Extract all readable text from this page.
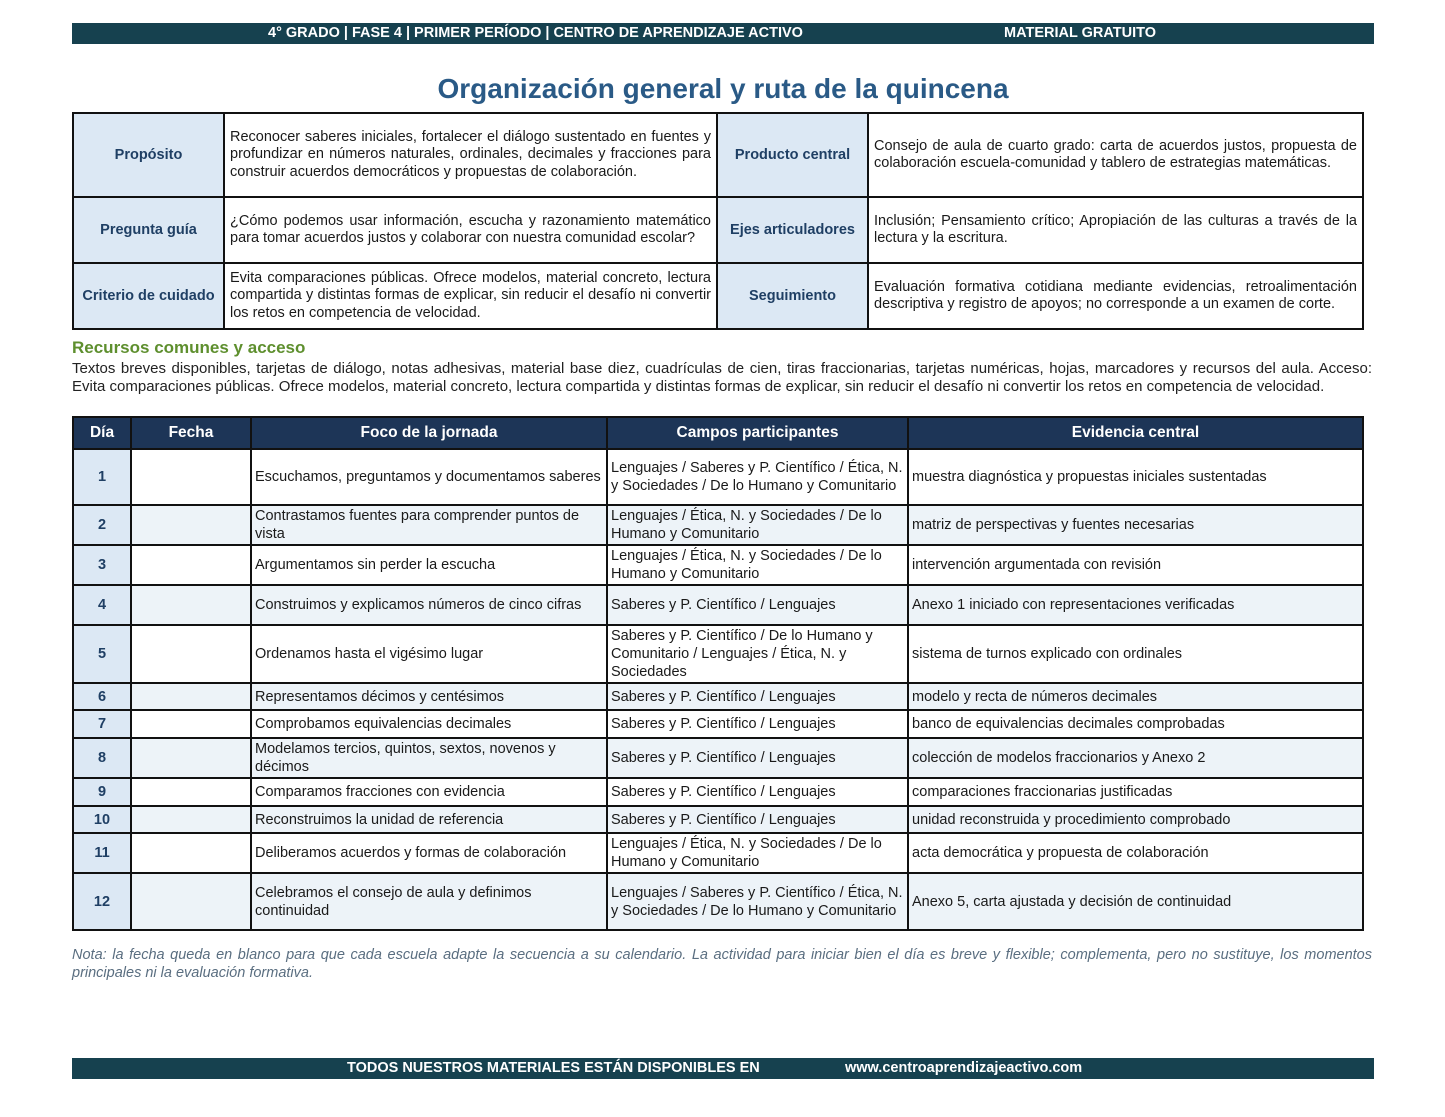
4° GRADO | FASE 4 | PRIMER PERÍODO | CENTRO DE APRENDIZAJE ACTIVO	MATERIAL GRATUITO
Organización general y ruta de la quincena
Propósito	Reconocer saberes iniciales, fortalecer el diálogo sustentado en fuentes y profundizar en números naturales, ordinales, decimales y fracciones para construir acuerdos democráticos y propuestas de colaboración.	Producto central	Consejo de aula de cuarto grado: carta de acuerdos justos, propuesta de colaboración escuela-comunidad y tablero de estrategias matemáticas.
Pregunta guía	¿Cómo podemos usar información, escucha y razonamiento matemático para tomar acuerdos justos y colaborar con nuestra comunidad escolar?	Ejes articuladores	Inclusión; Pensamiento crítico; Apropiación de las culturas a través de la lectura y la escritura.
Criterio de cuidado	Evita comparaciones públicas. Ofrece modelos, material concreto, lectura compartida y distintas formas de explicar, sin reducir el desafío ni convertir los retos en competencia de velocidad.	Seguimiento	Evaluación formativa cotidiana mediante evidencias, retroalimentación descriptiva y registro de apoyos; no corresponde a un examen de corte.
Recursos comunes y acceso
Textos breves disponibles, tarjetas de diálogo, notas adhesivas, material base diez, cuadrículas de cien, tiras fraccionarias, tarjetas numéricas, hojas, marcadores y recursos del aula. Acceso: Evita comparaciones públicas. Ofrece modelos, material concreto, lectura compartida y distintas formas de explicar, sin reducir el desafío ni convertir los retos en competencia de velocidad.
Día	Fecha	Foco de la jornada	Campos participantes	Evidencia central
1		Escuchamos, preguntamos y documentamos saberes	Lenguajes / Saberes y P. Científico / Ética, N. y Sociedades / De lo Humano y Comunitario	muestra diagnóstica y propuestas iniciales sustentadas
2		Contrastamos fuentes para comprender puntos de vista	Lenguajes / Ética, N. y Sociedades / De lo Humano y Comunitario	matriz de perspectivas y fuentes necesarias
3		Argumentamos sin perder la escucha	Lenguajes / Ética, N. y Sociedades / De lo Humano y Comunitario	intervención argumentada con revisión
4		Construimos y explicamos números de cinco cifras	Saberes y P. Científico / Lenguajes	Anexo 1 iniciado con representaciones verificadas
5		Ordenamos hasta el vigésimo lugar	Saberes y P. Científico / De lo Humano y Comunitario / Lenguajes / Ética, N. y Sociedades	sistema de turnos explicado con ordinales
6		Representamos décimos y centésimos	Saberes y P. Científico / Lenguajes	modelo y recta de números decimales
7		Comprobamos equivalencias decimales	Saberes y P. Científico / Lenguajes	banco de equivalencias decimales comprobadas
8		Modelamos tercios, quintos, sextos, novenos y décimos	Saberes y P. Científico / Lenguajes	colección de modelos fraccionarios y Anexo 2
9		Comparamos fracciones con evidencia	Saberes y P. Científico / Lenguajes	comparaciones fraccionarias justificadas
10		Reconstruimos la unidad de referencia	Saberes y P. Científico / Lenguajes	unidad reconstruida y procedimiento comprobado
11		Deliberamos acuerdos y formas de colaboración	Lenguajes / Ética, N. y Sociedades / De lo Humano y Comunitario	acta democrática y propuesta de colaboración
12		Celebramos el consejo de aula y definimos continuidad	Lenguajes / Saberes y P. Científico / Ética, N. y Sociedades / De lo Humano y Comunitario	Anexo 5, carta ajustada y decisión de continuidad
Nota: la fecha queda en blanco para que cada escuela adapte la secuencia a su calendario. La actividad para iniciar bien el día es breve y flexible; complementa, pero no sustituye, los momentos principales ni la evaluación formativa.
TODOS NUESTROS MATERIALES ESTÁN DISPONIBLES EN	www.centroaprendizajeactivo.com
